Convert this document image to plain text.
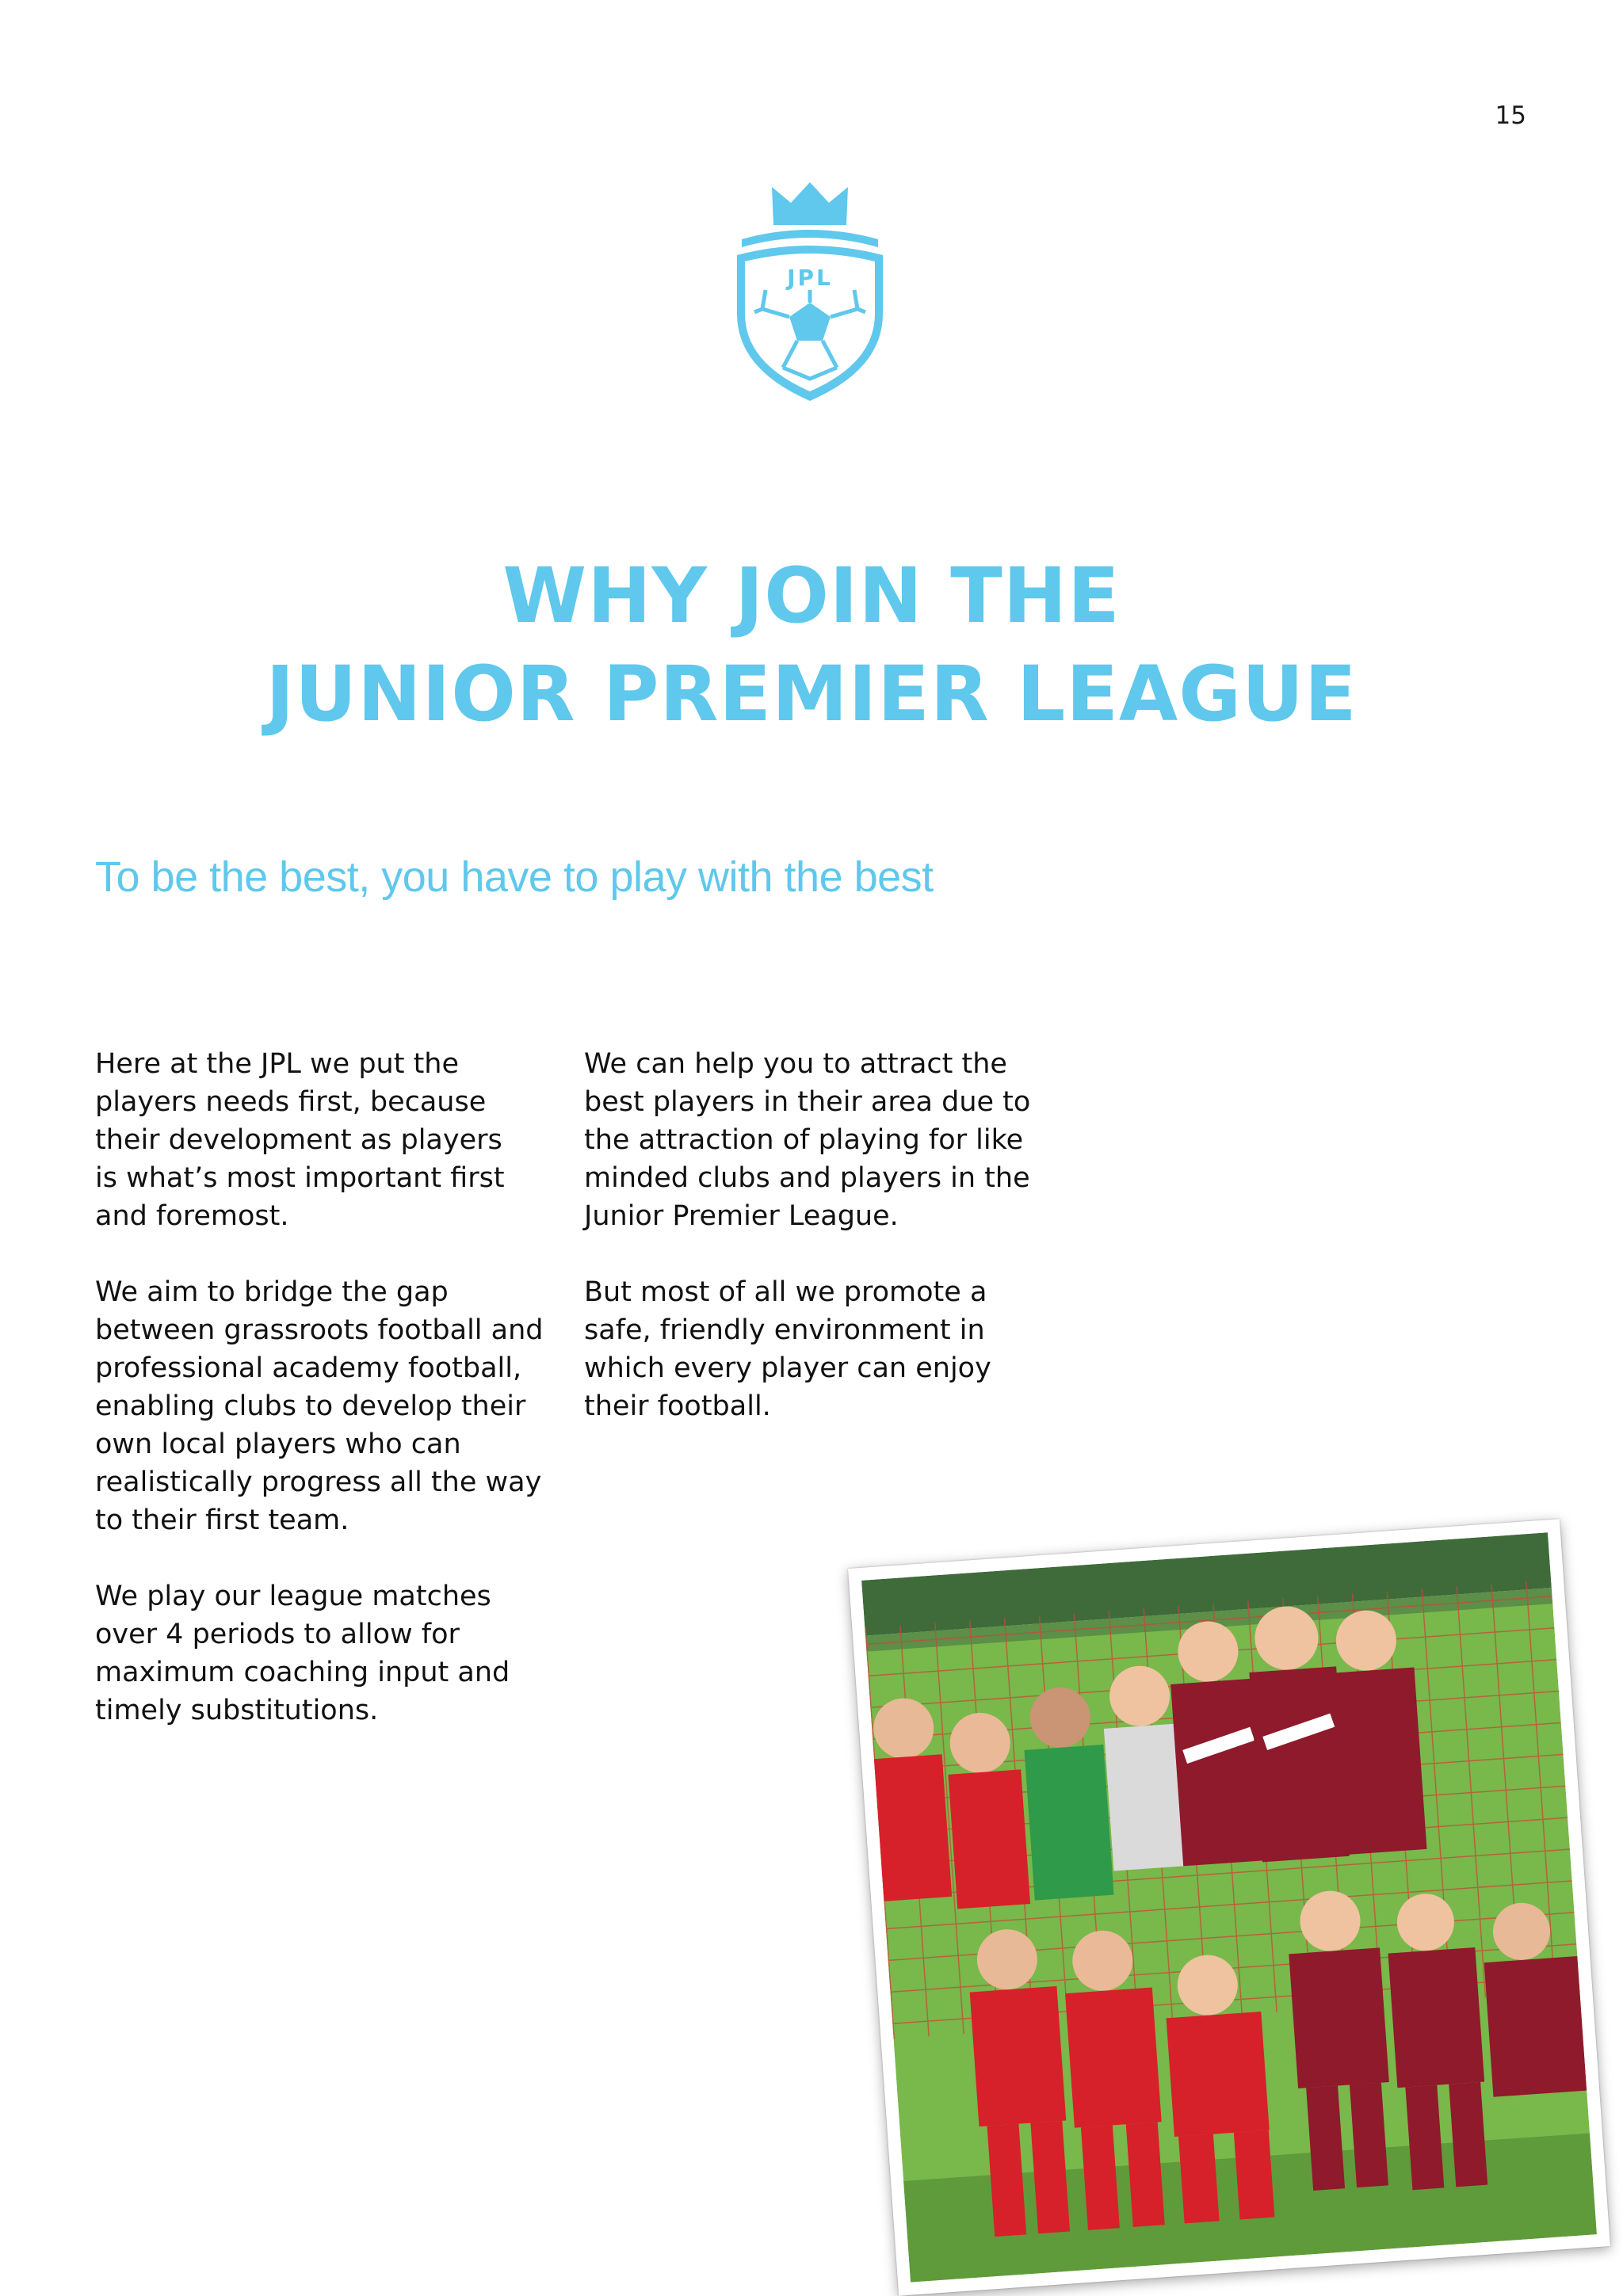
15
JPL
WHY JOIN THE
JUNIOR PREMIER LEAGUE
To be the best, you have to play with the best

Here at the JPL we put the
players needs first, because
their development as players
is what’s most important first
and foremost.

We aim to bridge the gap
between grassroots football and
professional academy football,
enabling clubs to develop their
own local players who can
realistically progress all the way
to their first team.

We play our league matches
over 4 periods to allow for
maximum coaching input and
timely substitutions.

We can help you to attract the
best players in their area due to
the attraction of playing for like
minded clubs and players in the
Junior Premier League.

But most of all we promote a
safe, friendly environment in
which every player can enjoy
their football.
